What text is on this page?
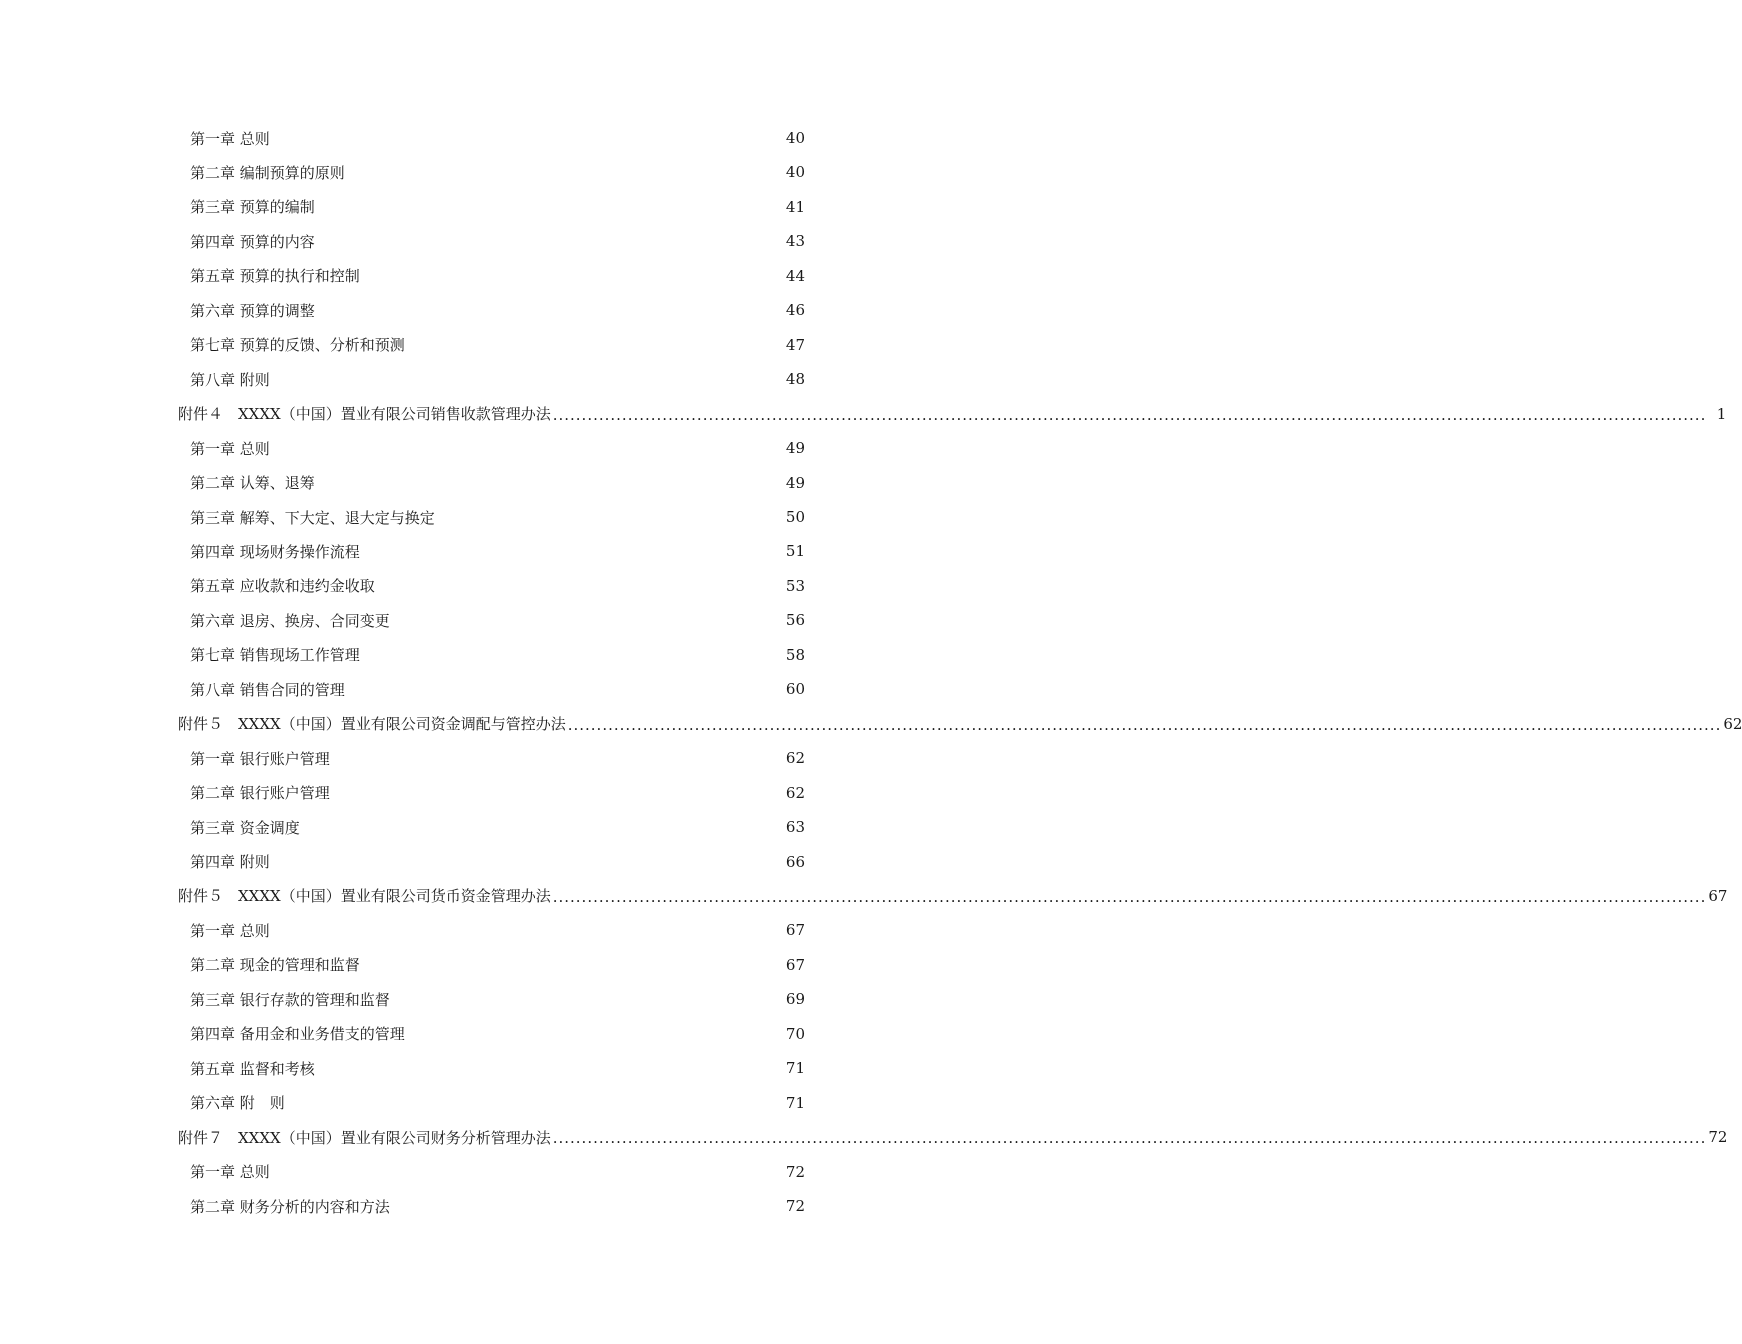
第一章 总则	40
第二章 编制预算的原则	40
第三章 预算的编制	41
第四章 预算的内容	43
第五章 预算的执行和控制	44
第六章 预算的调整	46
第七章 预算的反馈、分析和预测	47
第八章 附则	48
附件４　XXXX（中国）置业有限公司销售收款管理办法 ........................................................................................................................................................................................................ 1
第一章 总则	49
第二章 认筹、退筹	49
第三章 解筹、下大定、退大定与换定	50
第四章 现场财务操作流程	51
第五章 应收款和违约金收取	53
第六章 退房、换房、合同变更	56
第七章 销售现场工作管理	58
第八章 销售合同的管理	60
附件５　XXXX（中国）置业有限公司资金调配与管控办法 ........................................................................................................................................................................................................ 62
第一章 银行账户管理	62
第二章 银行账户管理	62
第三章 资金调度	63
第四章 附则	66
附件５　XXXX（中国）置业有限公司货币资金管理办法 ........................................................................................................................................................................................................ 67
第一章 总则	67
第二章 现金的管理和监督	67
第三章 银行存款的管理和监督	69
第四章 备用金和业务借支的管理	70
第五章 监督和考核	71
第六章 附　则	71
附件７　XXXX（中国）置业有限公司财务分析管理办法 ........................................................................................................................................................................................................ 72
第一章 总则	72
第二章 财务分析的内容和方法	72
